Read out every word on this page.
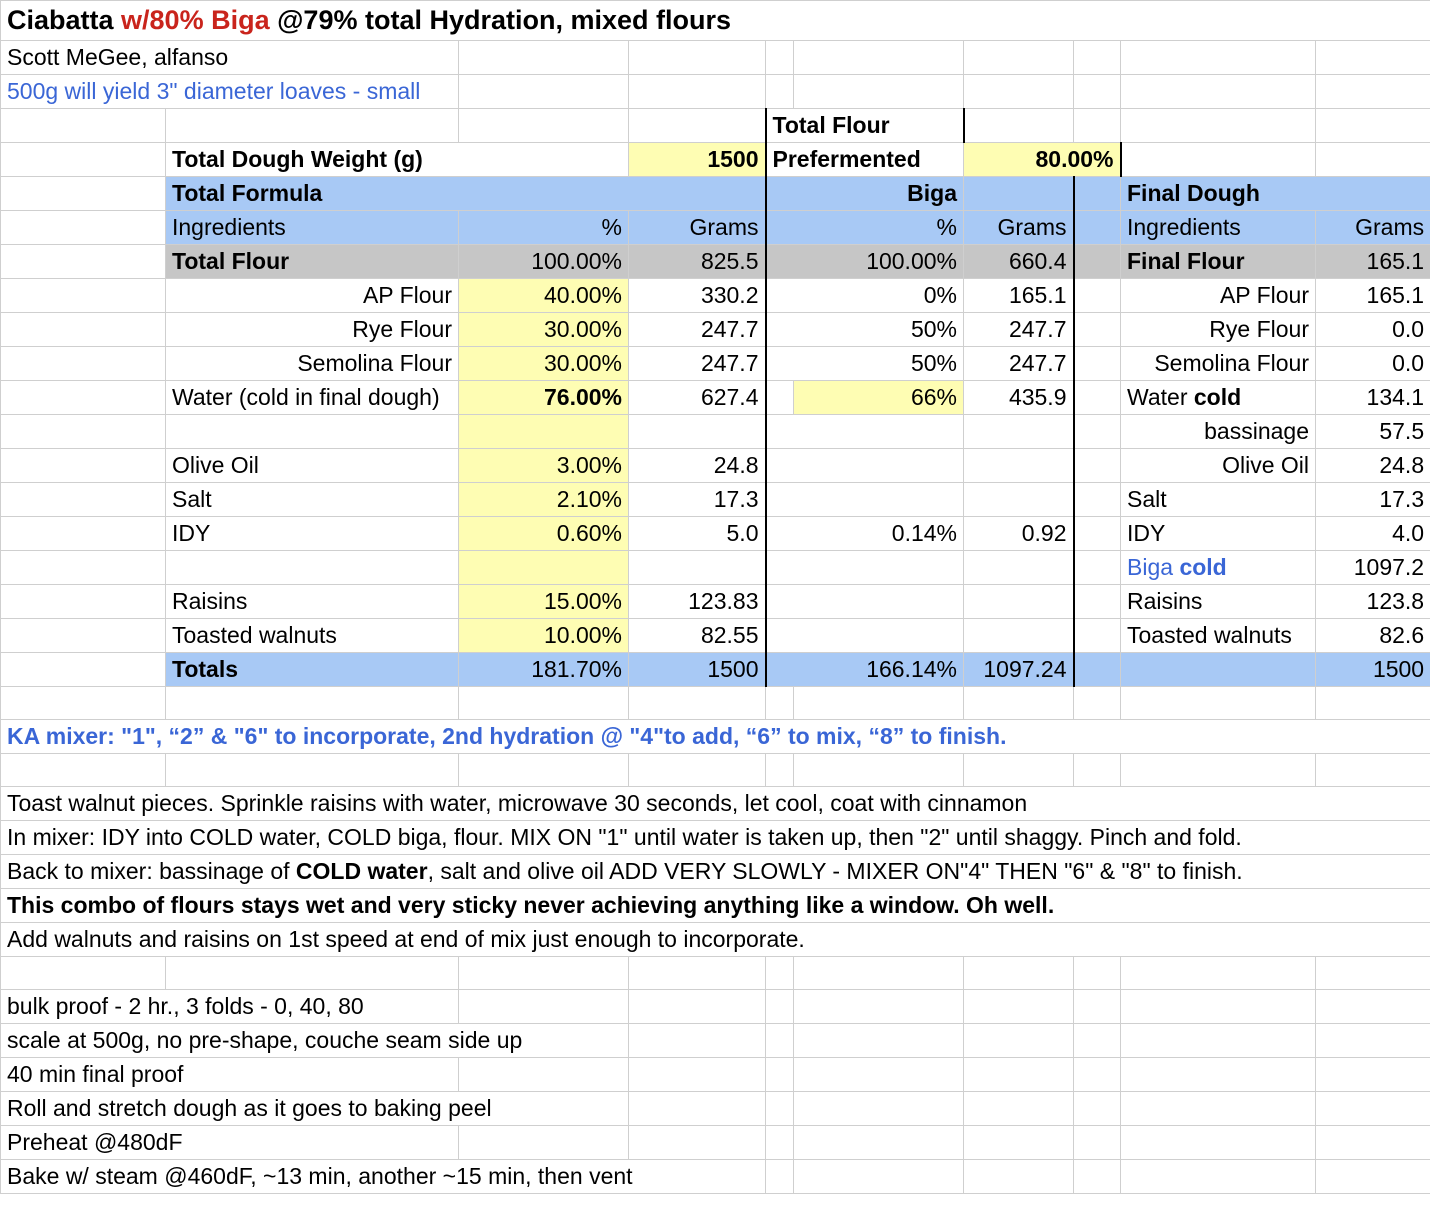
Ciabatta w/80% Biga @79% total Hydration, mixed flours									
Scott MeGee, alfanso									
500g will yield 3" diameter loaves - small									
				Total Flour					
	Total Dough Weight (g)		1500	Prefermented		80.00%			
	Total Formula			Biga				Final Dough	
	Ingredients	%	Grams	%		Grams		Ingredients	Grams
	Total Flour	100.00%	825.5	100.00%		660.4		Final Flour	165.1
	AP Flour	40.00%	330.2	0%		165.1		AP Flour	165.1
	Rye Flour	30.00%	247.7	50%		247.7		Rye Flour	0.0
	Semolina Flour	30.00%	247.7	50%		247.7		Semolina Flour	0.0
	Water (cold in final dough)	76.00%	627.4		66%	435.9		Water cold	134.1
								bassinage	57.5
	Olive Oil	3.00%	24.8					Olive Oil	24.8
	Salt	2.10%	17.3					Salt	17.3
	IDY	0.60%	5.0	0.14%		0.92		IDY	4.0
								Biga cold	1097.2
	Raisins	15.00%	123.83					Raisins	123.8
	Toasted walnuts	10.00%	82.55					Toasted walnuts	82.6
	Totals	181.70%	1500	166.14%		1097.24			1500

KA mixer: "1", “2” & "6" to incorporate, 2nd hydration @ "4"to add, “6” to mix, “8” to finish.									

Toast walnut pieces. Sprinkle raisins with water, microwave 30 seconds, let cool, coat with cinnamon									
In mixer: IDY into COLD water, COLD biga, flour. MIX ON "1" until water is taken up, then "2" until shaggy. Pinch and fold.									
Back to mixer: bassinage of COLD water, salt and olive oil ADD VERY SLOWLY - MIXER ON"4" THEN "6" & "8" to finish.									
This combo of flours stays wet and very sticky never achieving anything like a window. Oh well.									
Add walnuts and raisins on 1st speed at end of mix just enough to incorporate.									

bulk proof - 2 hr., 3 folds - 0, 40, 80									
scale at 500g, no pre-shape, couche seam side up									
40 min final proof									
Roll and stretch dough as it goes to baking peel									
Preheat @480dF									
Bake w/ steam @460dF, ~13 min, another ~15 min, then vent									
